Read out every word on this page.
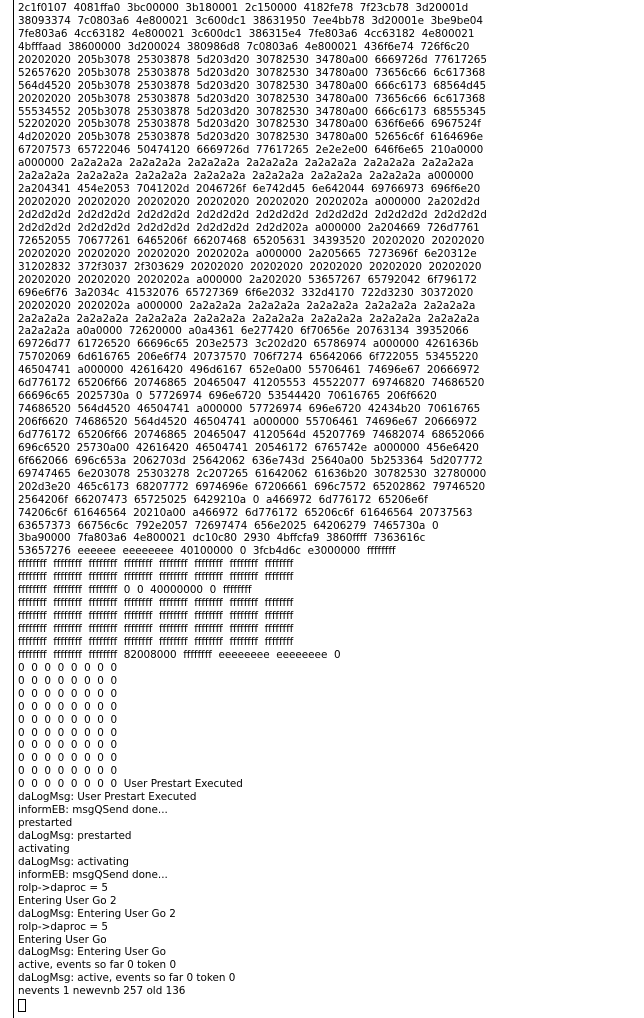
2c1f0107  4081ffa0  3bc00000  3b180001  2c150000  4182fe78  7f23cb78  3d20001d
38093374  7c0803a6  4e800021  3c600dc1  38631950  7ee4bb78  3d20001e  3be9be04
7fe803a6  4cc63182  4e800021  3c600dc1  386315e4  7fe803a6  4cc63182  4e800021
4bfffaad  38600000  3d200024  380986d8  7c0803a6  4e800021  436f6e74  726f6c20
20202020  205b3078  25303878  5d203d20  30782530  34780a00  6669726d  77617265
52657620  205b3078  25303878  5d203d20  30782530  34780a00  73656c66  6c617368
564d4520  205b3078  25303878  5d203d20  30782530  34780a00  666c6173  68564d45
20202020  205b3078  25303878  5d203d20  30782530  34780a00  73656c66  6c617368
55534552  205b3078  25303878  5d203d20  30782530  34780a00  666c6173  68555345
52202020  205b3078  25303878  5d203d20  30782530  34780a00  636f6e66  6967524f
4d202020  205b3078  25303878  5d203d20  30782530  34780a00  52656c6f  6164696e
67207573  65722046  50474120  6669726d  77617265  2e2e2e00  646f6e65  210a0000
a000000  2a2a2a2a  2a2a2a2a  2a2a2a2a  2a2a2a2a  2a2a2a2a  2a2a2a2a  2a2a2a2a
2a2a2a2a  2a2a2a2a  2a2a2a2a  2a2a2a2a  2a2a2a2a  2a2a2a2a  2a2a2a2a  a000000
2a204341  454e2053  7041202d  2046726f  6e742d45  6e642044  69766973  696f6e20
20202020  20202020  20202020  20202020  20202020  2020202a  a000000  2a202d2d
2d2d2d2d  2d2d2d2d  2d2d2d2d  2d2d2d2d  2d2d2d2d  2d2d2d2d  2d2d2d2d  2d2d2d2d
2d2d2d2d  2d2d2d2d  2d2d2d2d  2d2d2d2d  2d2d202a  a000000  2a204669  726d7761
72652055  70677261  6465206f  66207468  65205631  34393520  20202020  20202020
20202020  20202020  20202020  2020202a  a000000  2a205665  7273696f  6e20312e
31202832  372f3037  2f303629  20202020  20202020  20202020  20202020  20202020
20202020  20202020  2020202a  a000000  2a202020  53657267  65792042  6f796172
696e6f76  3a2034c  41532076  65727369  6f6e2032  332d4170  722d3230  30372020
20202020  2020202a  a000000  2a2a2a2a  2a2a2a2a  2a2a2a2a  2a2a2a2a  2a2a2a2a
2a2a2a2a  2a2a2a2a  2a2a2a2a  2a2a2a2a  2a2a2a2a  2a2a2a2a  2a2a2a2a  2a2a2a2a
2a2a2a2a  a0a0000  72620000  a0a4361  6e277420  6f70656e  20763134  39352066
69726d77  61726520  66696c65  203e2573  3c202d20  65786974  a000000  4261636b
75702069  6d616765  206e6f74  20737570  706f7274  65642066  6f722055  53455220
46504741  a000000  42616420  496d6167  652e0a00  55706461  74696e67  20666972
6d776172  65206f66  20746865  20465047  41205553  45522077  69746820  74686520
66696c65  2025730a  0  57726974  696e6720  53544420  70616765  206f6620
74686520  564d4520  46504741  a000000  57726974  696e6720  42434b20  70616765
206f6620  74686520  564d4520  46504741  a000000  55706461  74696e67  20666972
6d776172  65206f66  20746865  20465047  4120564d  45207769  74682074  68652066
696c6520  25730a00  42616420  46504741  20546172  6765742e  a000000  456e6420
6f662066  696c653a  2062703d  25642062  636e743d  25640a00  5b253364  5d207772
69747465  6e203078  25303278  2c207265  61642062  61636b20  30782530  32780000
202d3e20  465c6173  68207772  6974696e  67206661  696c7572  65202862  79746520
2564206f  66207473  65725025  6429210a  0  a466972  6d776172  65206e6f
74206c6f  61646564  20210a00  a466972  6d776172  65206c6f  61646564  20737563
63657373  66756c6c  792e2057  72697474  656e2025  64206279  7465730a  0
3ba90000  7fa803a6  4e800021  dc10c80  2930  4bffcfa9  3860ffff  7363616c
53657276  eeeeee  eeeeeeee  40100000  0  3fcb4d6c  e3000000  ffffffff
ffffffff  ffffffff  ffffffff  ffffffff  ffffffff  ffffffff  ffffffff  ffffffff
ffffffff  ffffffff  ffffffff  ffffffff  ffffffff  ffffffff  ffffffff  ffffffff
ffffffff  ffffffff  ffffffff  0  0  40000000  0  ffffffff
ffffffff  ffffffff  ffffffff  ffffffff  ffffffff  ffffffff  ffffffff  ffffffff
ffffffff  ffffffff  ffffffff  ffffffff  ffffffff  ffffffff  ffffffff  ffffffff
ffffffff  ffffffff  ffffffff  ffffffff  ffffffff  ffffffff  ffffffff  ffffffff
ffffffff  ffffffff  ffffffff  ffffffff  ffffffff  ffffffff  ffffffff  ffffffff
ffffffff  ffffffff  ffffffff  82008000  ffffffff  eeeeeeee  eeeeeeee  0
0  0  0  0  0  0  0  0
0  0  0  0  0  0  0  0
0  0  0  0  0  0  0  0
0  0  0  0  0  0  0  0
0  0  0  0  0  0  0  0
0  0  0  0  0  0  0  0
0  0  0  0  0  0  0  0
0  0  0  0  0  0  0  0
0  0  0  0  0  0  0  0
0  0  0  0  0  0  0  0  User Prestart Executed
daLogMsg: User Prestart Executed
informEB: msgQSend done...
prestarted
daLogMsg: prestarted
activating
daLogMsg: activating
informEB: msgQSend done...
rolp->daproc = 5
Entering User Go 2
daLogMsg: Entering User Go 2
rolp->daproc = 5
Entering User Go
daLogMsg: Entering User Go
active, events so far 0 token 0
daLogMsg: active, events so far 0 token 0
nevents 1 newevnb 257 old 136
